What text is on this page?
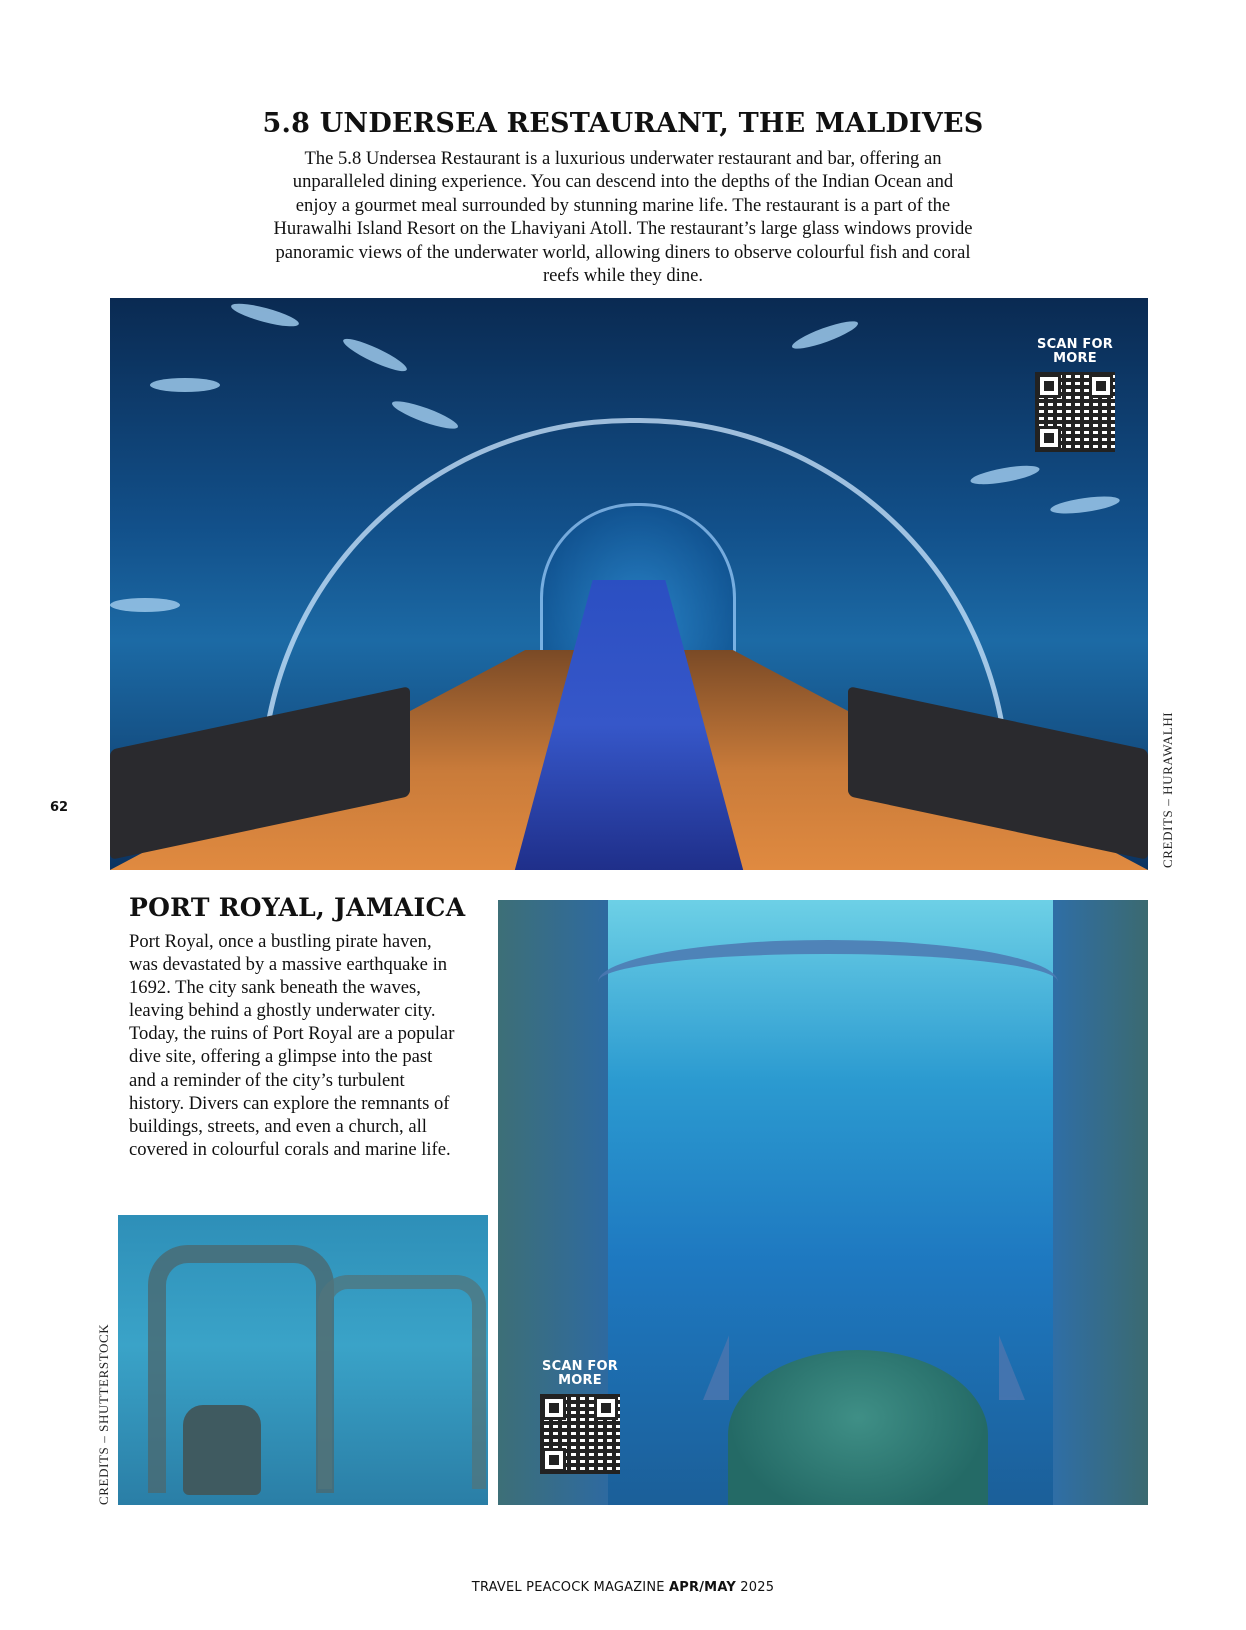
5.8 UNDERSEA RESTAURANT, THE MALDIVES

The 5.8 Undersea Restaurant is a luxurious underwater restaurant and bar, offering an unparalleled dining experience. You can descend into the depths of the Indian Ocean and enjoy a gourmet meal surrounded by stunning marine life. The restaurant is a part of the Hurawalhi Island Resort on the Lhaviyani Atoll. The restaurant’s large glass windows provide panoramic views of the underwater world, allowing diners to observe colourful fish and coral reefs while they dine.

SCAN FOR
MORE
CREDITS – HURAWALHI
62
PORT ROYAL, JAMAICA

Port Royal, once a bustling pirate haven, was devastated by a massive earthquake in 1692. The city sank beneath the waves, leaving behind a ghostly underwater city. Today, the ruins of Port Royal are a popular dive site, offering a glimpse into the past and a reminder of the city’s turbulent history. Divers can explore the remnants of buildings, streets, and even a church, all covered in colourful corals and marine life.

CREDITS – SHUTTERSTOCK	SCAN FOR
MORE
TRAVEL PEACOCK MAGAZINE APR/MAY 2025
